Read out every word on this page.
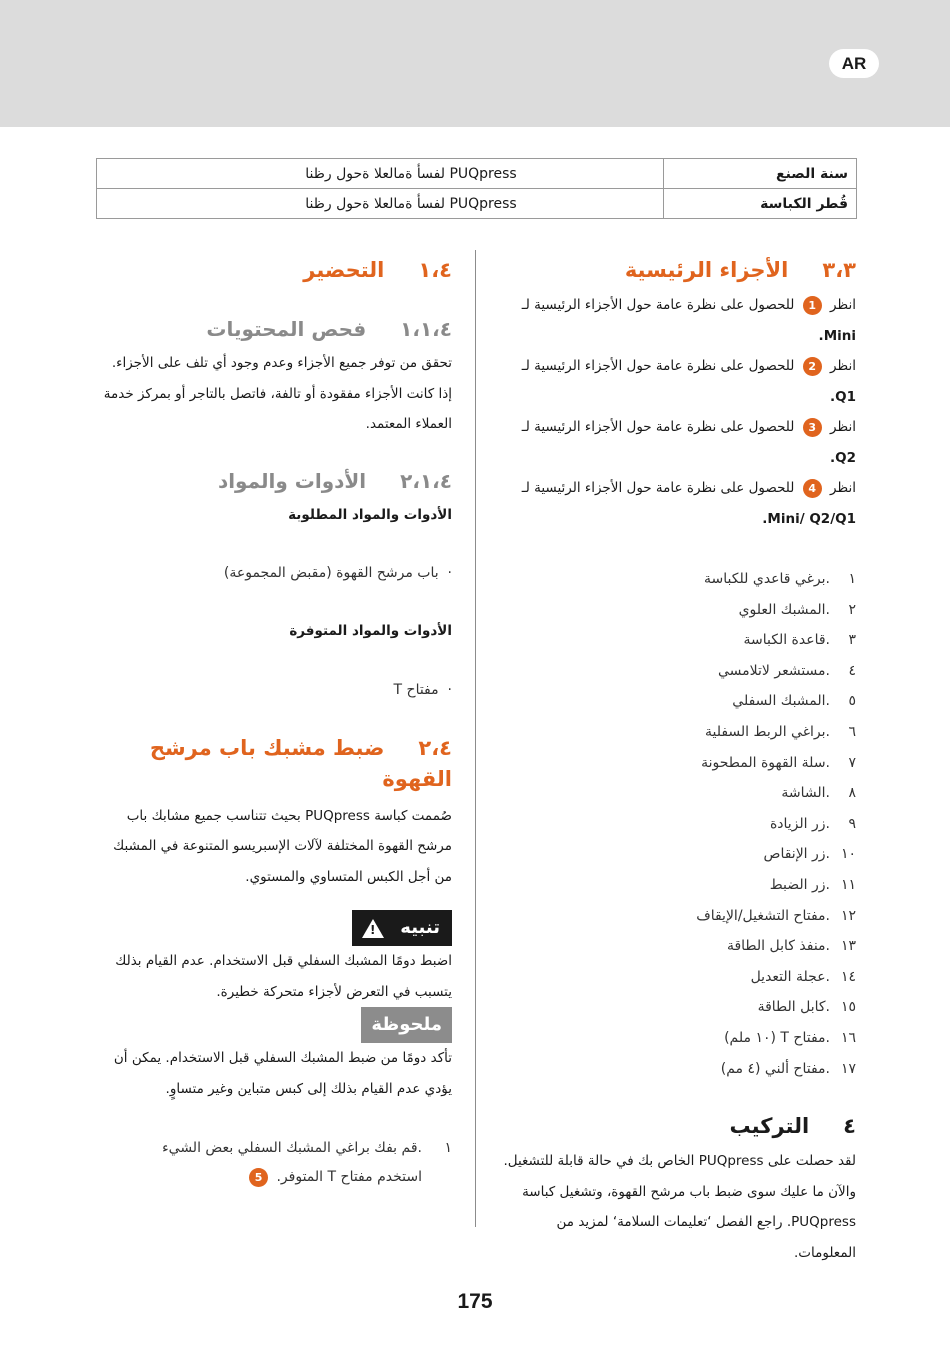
AR
سنة الصنع	PUQpress لفسأ ةمالعلا ةحول رظنا
قُطر الكباسة	PUQpress لفسأ ةمالعلا ةحول رظنا
٣،٣الأجزاء الرئيسية

انظر 1 للحصول على نظرة عامة حول الأجزاء الرئيسية لـ Mini.

انظر 2 للحصول على نظرة عامة حول الأجزاء الرئيسية لـ Q1.

انظر 3 للحصول على نظرة عامة حول الأجزاء الرئيسية لـ Q2.

انظر 4 للحصول على نظرة عامة حول الأجزاء الرئيسية لـ Mini/ Q2/Q1.

١.برغي قاعدي للكباسة
٢.المشبك العلوي
٣.قاعدة الكباسة
٤.مستشعر لاتلامسي
٥.المشبك السفلي
٦.براغي الربط السفلية
٧.سلة القهوة المطحونة
٨.الشاشة
٩.زر الزيادة
١٠.زر الإنقاص
١١.زر الضبط
١٢.مفتاح التشغيل/الإيقاف
١٣.منفذ كابل الطاقة
١٤.عجلة التعديل
١٥.كابل الطاقة
١٦.مفتاح T (١٠ ملم)
١٧.مفتاح ألني (٤ مم)
٤التركيب

لقد حصلت على PUQpress الخاص بك في حالة قابلة للتشغيل. والآن ما عليك سوى ضبط باب مرشح القهوة، وتشغيل كباسة PUQpress. راجع الفصل ‘تعليمات السلامة‘ لمزيد من المعلومات.

١،٤التحضير
١،١،٤فحص المحتويات

تحقق من توفر جميع الأجزاء وعدم وجود أي تلف على الأجزاء. إذا كانت الأجزاء مفقودة أو تالفة، فاتصل بالتاجر أو بمركز خدمة العملاء المعتمد.

٢،١،٤الأدوات والمواد

الأدوات والمواد المطلوبة

·  باب مرشح القهوة (مقبض المجموعة)

الأدوات والمواد المتوفرة

·  مفتاح T
٢،٤ضبط مشبك باب مرشح القهوة

صُممت كباسة PUQpress بحيث تتناسب جميع مشابك باب مرشح القهوة المختلفة لآلات الإسبريسو المتنوعة في المشبك من أجل الكبس المتساوي والمستوي.

تنبيه
!

اضبط دومًا المشبك السفلي قبل الاستخدام. عدم القيام بذلك يتسبب في التعرض لأجزاء متحركة خطيرة.

ملحوظة

تأكد دومًا من ضبط المشبك السفلي قبل الاستخدام. يمكن أن يؤدي عدم القيام بذلك إلى كبس متباين وغير متساوٍ.

١.قم بفك براغي المشبك السفلي بعض الشيء
استخدم مفتاح T المتوفر. 5
175
